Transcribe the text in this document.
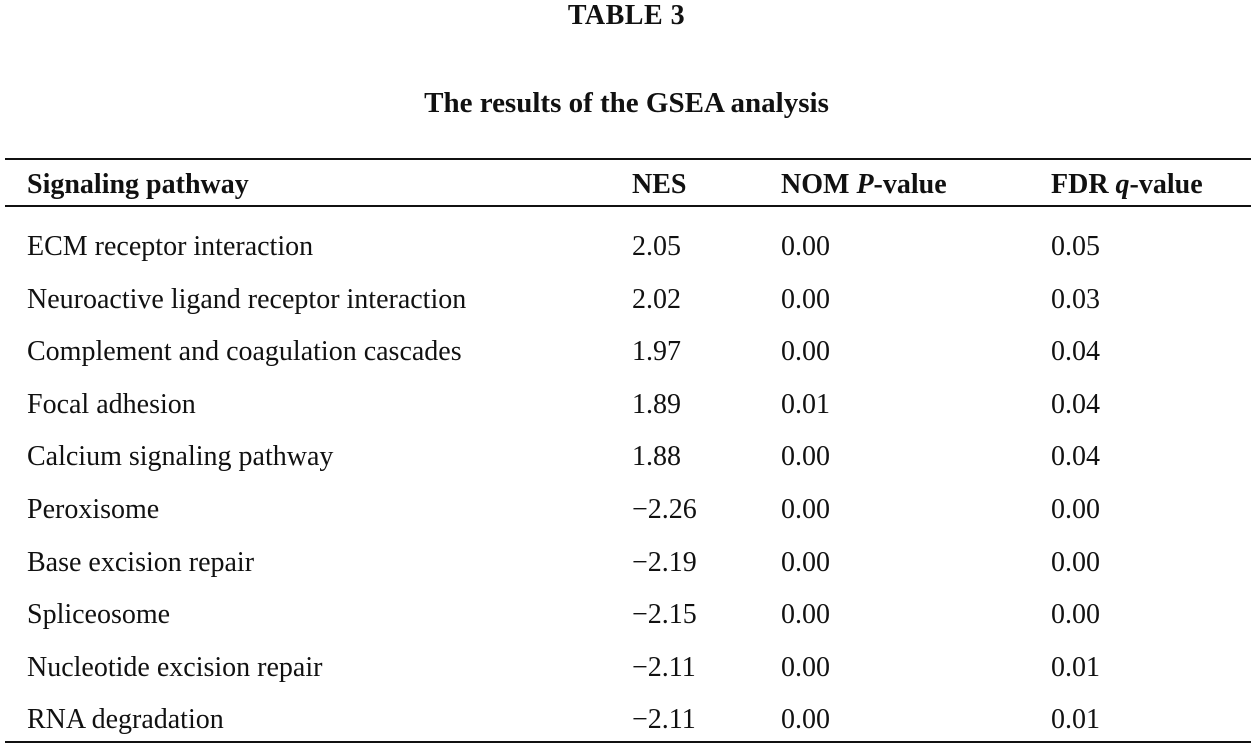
TABLE 3
The results of the GSEA analysis
Signaling pathway	NES	NOM P-value	FDR q-value
ECM receptor interaction	2.05	0.00	0.05
Neuroactive ligand receptor interaction	2.02	0.00	0.03
Complement and coagulation cascades	1.97	0.00	0.04
Focal adhesion	1.89	0.01	0.04
Calcium signaling pathway	1.88	0.00	0.04
Peroxisome	−2.26	0.00	0.00
Base excision repair	−2.19	0.00	0.00
Spliceosome	−2.15	0.00	0.00
Nucleotide excision repair	−2.11	0.00	0.01
RNA degradation	−2.11	0.00	0.01
